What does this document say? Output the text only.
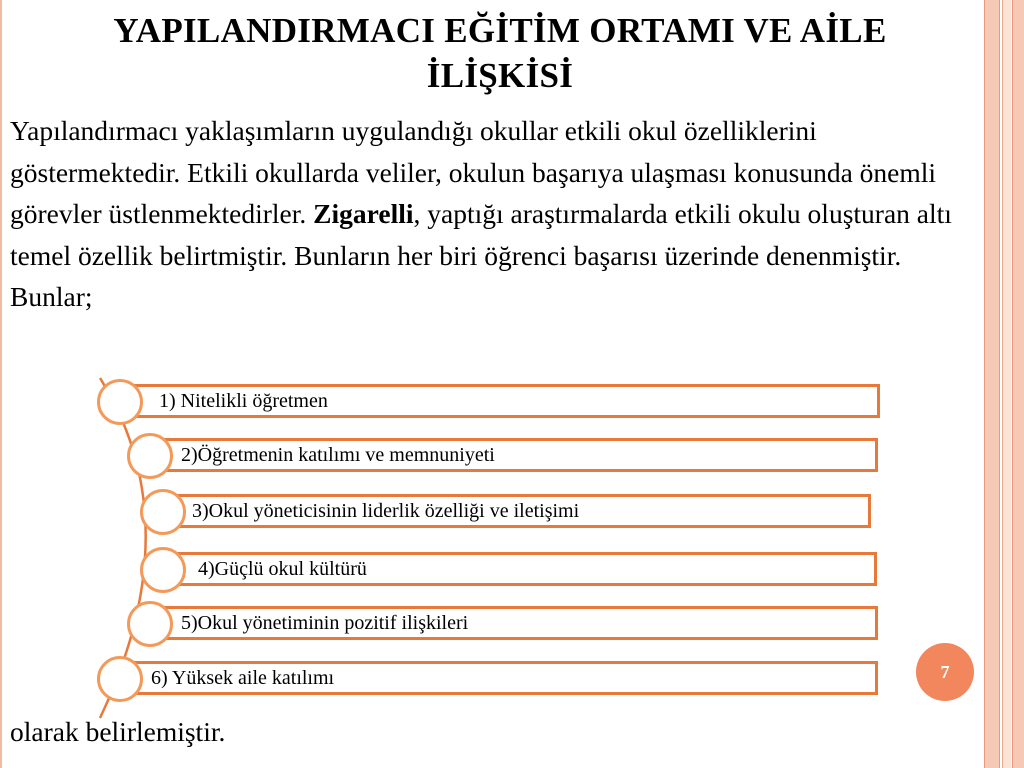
YAPILANDIRMACI EĞİTİM ORTAMI VE AİLE
İLİŞKİSİ
Yapılandırmacı yaklaşımların uygulandığı okullar etkili okul özelliklerini göstermektedir. Etkili okullarda veliler, okulun başarıya ulaşması konusunda önemli görevler üstlenmektedirler. Zigarelli, yaptığı araştırmalarda etkili okulu oluşturan altı temel özellik belirtmiştir. Bunların her biri öğrenci başarısı üzerinde denenmiştir. Bunlar;
1) Nitelikli öğretmen
2)Öğretmenin katılımı ve memnuniyeti
3)Okul yöneticisinin liderlik özelliği ve iletişimi
4)Güçlü okul kültürü
5)Okul yönetiminin pozitif ilişkileri
6) Yüksek aile katılımı
olarak belirlemiştir.
7
